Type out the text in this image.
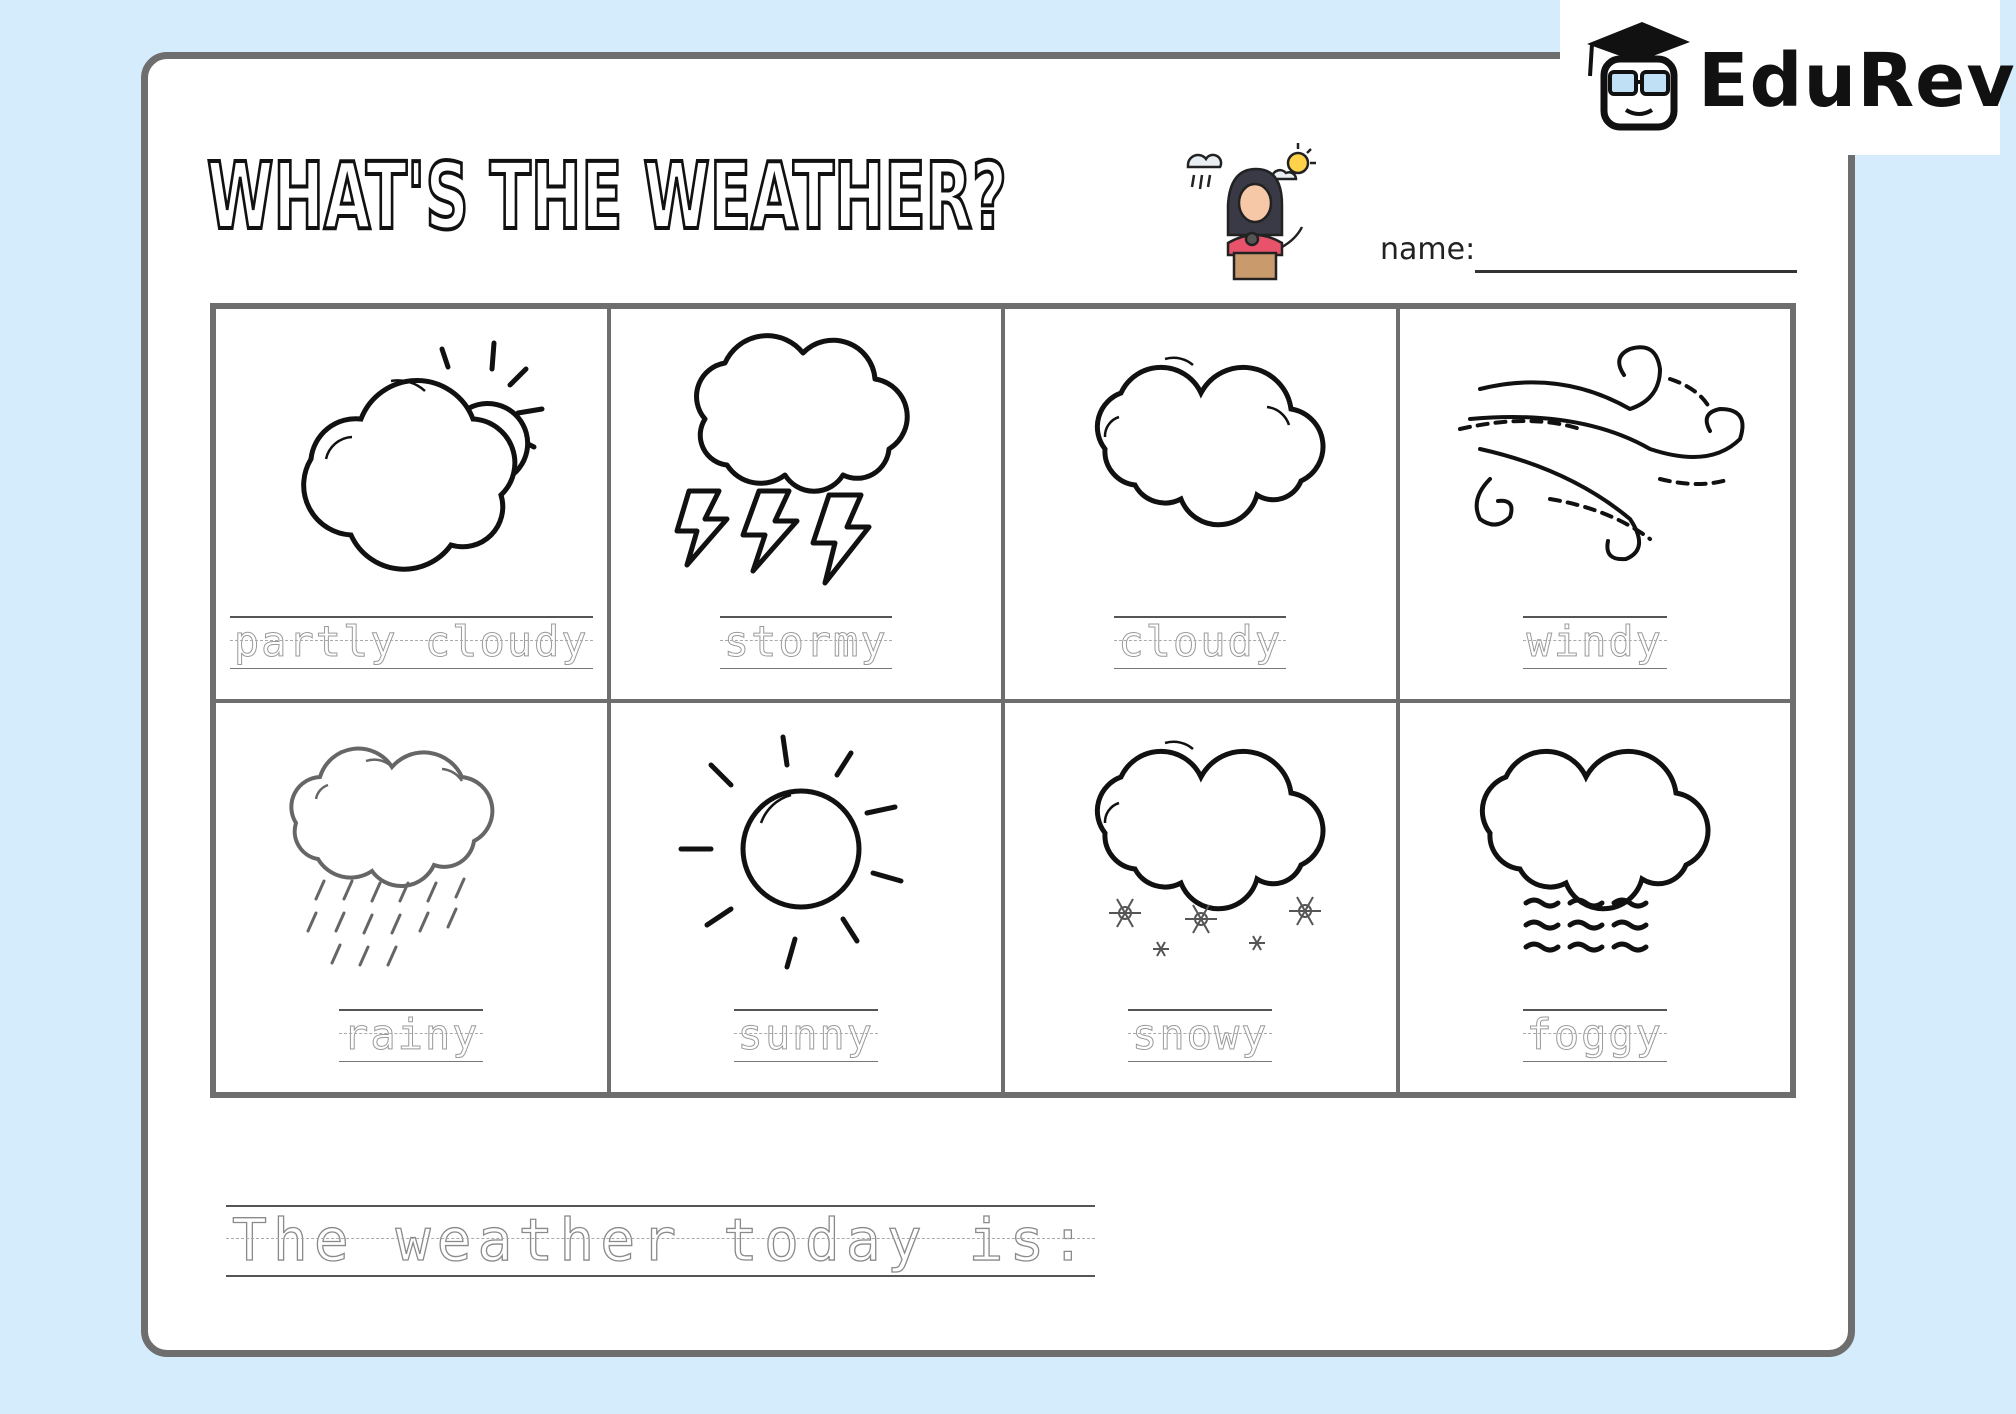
EduRev
WHAT'S THE WEATHER?	name:
partly cloudy	stormy	cloudy	windy
rainy	sunny	snowy	foggy
The weather today is:
